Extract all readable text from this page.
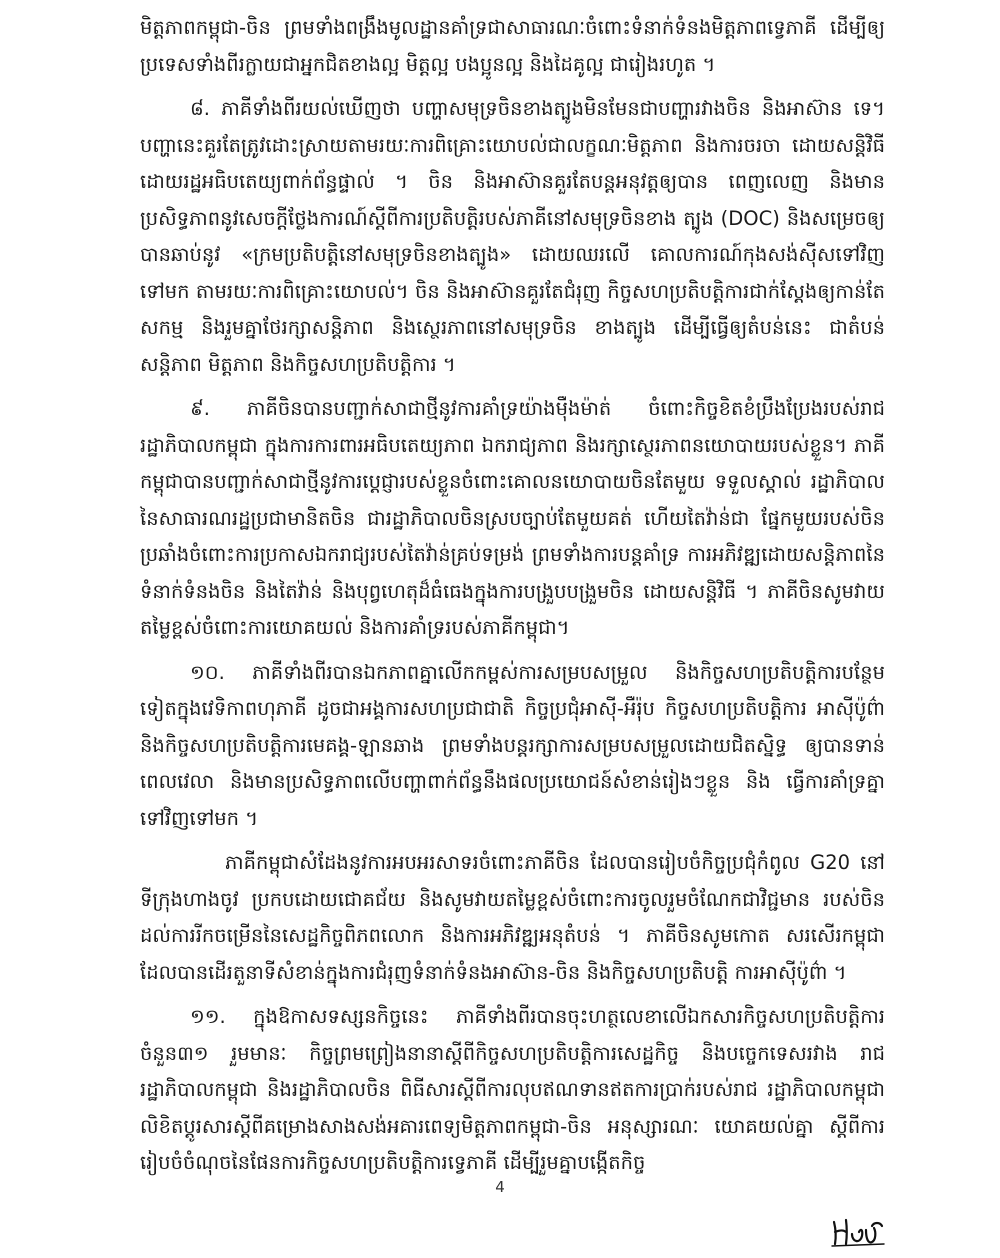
មិត្តភាពកម្ពុជា-ចិន ព្រមទាំងពង្រឹងមូលដ្ឋានគាំទ្រជាសាធារណៈចំពោះទំនាក់ទំនងមិត្តភាពទ្វេភាគី ដើម្បីឲ្យប្រទេសទាំងពីរក្លាយជាអ្នកជិតខាងល្អ មិត្តល្អ បងប្អូនល្អ និងដៃគូល្អ ជារៀងរហូត ។

៨. ភាគីទាំងពីរយល់ឃើញថា បញ្ហាសមុទ្រចិនខាងត្បូងមិនមែនជាបញ្ហារវាងចិន និងអាស៊ាន ទេ។ បញ្ហានេះគួរតែត្រូវដោះស្រាយតាមរយៈការពិគ្រោះយោបល់ជាលក្ខណៈមិត្តភាព និងការចរចា ដោយសន្តិវិធី ដោយរដ្ឋអធិបតេយ្យពាក់ព័ន្ធផ្ទាល់ ។ ចិន និងអាស៊ានគួរតែបន្តអនុវត្តឲ្យបាន ពេញលេញ និងមានប្រសិទ្ធភាពនូវសេចក្តីថ្លែងការណ៍ស្តីពីការប្រតិបត្តិរបស់ភាគីនៅសមុទ្រចិនខាង ត្បូង (DOC) និងសម្រេចឲ្យបានឆាប់នូវ «ក្រមប្រតិបត្តិនៅសមុទ្រចិនខាងត្បូង» ដោយឈរលើ គោលការណ៍កុងសង់ស៊ីសទៅវិញទៅមក តាមរយៈការពិគ្រោះយោបល់។ ចិន និងអាស៊ានគួរតែជំរុញ កិច្ចសហប្រតិបត្តិការជាក់ស្តែងឲ្យកាន់តែសកម្ម និងរួមគ្នាថែរក្សាសន្តិភាព និងស្ថេរភាពនៅសមុទ្រចិន ខាងត្បូង ដើម្បីធ្វើឲ្យតំបន់នេះ ជាតំបន់សន្តិភាព មិត្តភាព និងកិច្ចសហប្រតិបត្តិការ ។

៩. ភាគីចិនបានបញ្ជាក់សាជាថ្មីនូវការគាំទ្រយ៉ាងម៉ឺងម៉ាត់ ចំពោះកិច្ចខិតខំប្រឹងប្រែងរបស់រាជ រដ្ឋាភិបាលកម្ពុជា ក្នុងការការពារអធិបតេយ្យភាព ឯករាជ្យភាព និងរក្សាស្ថេរភាពនយោបាយរបស់ខ្លួន។ ភាគីកម្ពុជាបានបញ្ជាក់សាជាថ្មីនូវការប្តេជ្ញារបស់ខ្លួនចំពោះគោលនយោបាយចិនតែមួយ ទទួលស្គាល់ រដ្ឋាភិបាលនៃសាធារណរដ្ឋប្រជាមានិតចិន ជារដ្ឋាភិបាលចិនស្របច្បាប់តែមួយគត់ ហើយតៃវ៉ាន់ជា ផ្នែកមួយរបស់ចិន ប្រឆាំងចំពោះការប្រកាសឯករាជ្យរបស់តៃវ៉ាន់គ្រប់ទម្រង់ ព្រមទាំងការបន្តគាំទ្រ ការអភិវឌ្ឍដោយសន្តិភាពនៃទំនាក់ទំនងចិន និងតៃវ៉ាន់ និងបុព្វហេតុដ៏ធំធេងក្នុងការបង្រួបបង្រួមចិន ដោយសន្តិវិធី ។ ភាគីចិនសូមវាយតម្លៃខ្ពស់ចំពោះការយោគយល់ និងការគាំទ្ររបស់ភាគីកម្ពុជា។

១០. ភាគីទាំងពីរបានឯកភាពគ្នាលើកកម្ពស់ការសម្របសម្រួល និងកិច្ចសហប្រតិបត្តិការបន្ថែម ទៀតក្នុងវេទិកាពហុភាគី ដូចជាអង្គការសហប្រជាជាតិ កិច្ចប្រជុំអាស៊ី-អឺរ៉ុប កិច្ចសហប្រតិបត្តិការ អាស៊ីប៉ូព៌ា និងកិច្ចសហប្រតិបត្តិការមេគង្គ-ឡានឆាង ព្រមទាំងបន្តរក្សាការសម្របសម្រួលដោយជិតស្និទ្ធ ឲ្យបានទាន់ពេលវេលា និងមានប្រសិទ្ធភាពលើបញ្ហាពាក់ព័ន្ធនឹងផលប្រយោជន៍សំខាន់រៀងៗខ្លួន និង ធ្វើការគាំទ្រគ្នាទៅវិញទៅមក ។

ភាគីកម្ពុជាសំដែងនូវការអបអរសាទរចំពោះភាគីចិន ដែលបានរៀបចំកិច្ចប្រជុំកំពូល G20 នៅទីក្រុងហាងចូវ ប្រកបដោយជោគជ័យ និងសូមវាយតម្លៃខ្ពស់ចំពោះការចូលរួមចំណែកជាវិជ្ជមាន របស់ចិន ដល់ការរីកចម្រើននៃសេដ្ឋកិច្ចពិភពលោក និងការអភិវឌ្ឍអនុតំបន់ ។ ភាគីចិនសូមកោត សរសើរកម្ពុជា ដែលបានដើរតួនាទីសំខាន់ក្នុងការជំរុញទំនាក់ទំនងអាស៊ាន-ចិន និងកិច្ចសហប្រតិបត្តិ ការអាស៊ីប៉ូព៌ា ។

១១. ក្នុងឱកាសទស្សនកិច្ចនេះ ភាគីទាំងពីរបានចុះហត្ថលេខាលើឯកសារកិច្ចសហប្រតិបត្តិការ ចំនួន៣១ រួមមានៈ កិច្ចព្រមព្រៀងនានាស្តីពីកិច្ចសហប្រតិបត្តិការសេដ្ឋកិច្ច និងបច្ចេកទេសរវាង រាជរដ្ឋាភិបាលកម្ពុជា និងរដ្ឋាភិបាលចិន ពិធីសារស្តីពីការលុបឥណទានឥតការប្រាក់របស់រាជ រដ្ឋាភិបាលកម្ពុជា លិខិតប្តូរសារស្តីពីគម្រោងសាងសង់អគារពេទ្យមិត្តភាពកម្ពុជា-ចិន អនុស្សារណៈ យោគយល់គ្នា ស្តីពីការរៀបចំចំណុចនៃផែនការកិច្ចសហប្រតិបត្តិការទ្វេភាគី ដើម្បីរួមគ្នាបង្កើតកិច្ច

4
